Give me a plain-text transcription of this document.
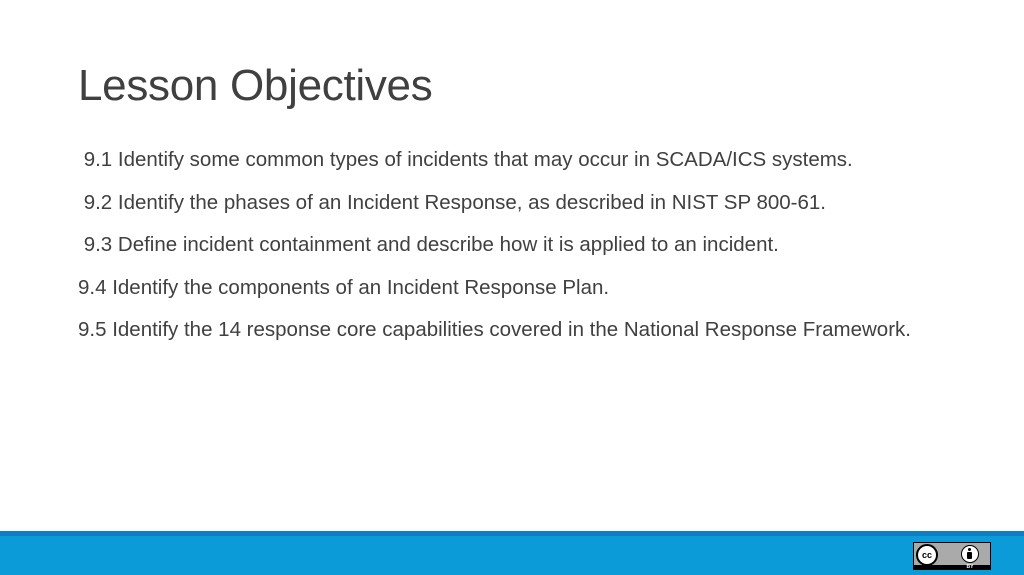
Lesson Objectives
9.1 Identify some common types of incidents that may occur in SCADA/ICS systems.
9.2 Identify the phases of an Incident Response, as described in NIST SP 800-61.
9.3 Define incident containment and describe how it is applied to an incident.
9.4 Identify the components of an Incident Response Plan.
9.5 Identify the 14 response core capabilities covered in the National Response Framework.
cc
BY
